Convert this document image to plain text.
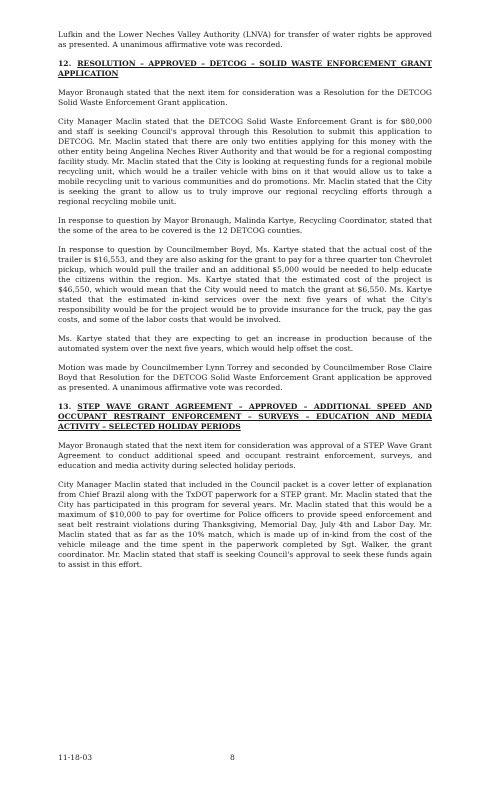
Lufkin and the Lower Neches Valley Authority (LNVA) for transfer of water rights be approved as presented. A unanimous affirmative vote was recorded.

12. RESOLUTION – APPROVED – DETCOG – SOLID WASTE ENFORCEMENT GRANT APPLICATION

Mayor Bronaugh stated that the next item for consideration was a Resolution for the DETCOG Solid Waste Enforcement Grant application.

City Manager Maclin stated that the DETCOG Solid Waste Enforcement Grant is for $80,000 and staff is seeking Council's approval through this Resolution to submit this application to DETCOG. Mr. Maclin stated that there are only two entities applying for this money with the other entity being Angelina Neches River Authority and that would be for a regional composting facility study. Mr. Maclin stated that the City is looking at requesting funds for a regional mobile recycling unit, which would be a trailer vehicle with bins on it that would allow us to take a mobile recycling unit to various communities and do promotions. Mr. Maclin stated that the City is seeking the grant to allow us to truly improve our regional recycling efforts through a regional recycling mobile unit.

In response to question by Mayor Bronaugh, Malinda Kartye, Recycling Coordinator, stated that the some of the area to be covered is the 12 DETCOG counties.

In response to question by Councilmember Boyd, Ms. Kartye stated that the actual cost of the trailer is $16,553, and they are also asking for the grant to pay for a three quarter ton Chevrolet pickup, which would pull the trailer and an additional $5,000 would be needed to help educate the citizens within the region. Ms. Kartye stated that the estimated cost of the project is $46,550, which would mean that the City would need to match the grant at $6,550. Ms. Kartye stated that the estimated in-kind services over the next five years of what the City's responsibility would be for the project would be to provide insurance for the truck, pay the gas costs, and some of the labor costs that would be involved.

Ms. Kartye stated that they are expecting to get an increase in production because of the automated system over the next five years, which would help offset the cost.

Motion was made by Councilmember Lynn Torrey and seconded by Councilmember Rose Claire Boyd that Resolution for the DETCOG Solid Waste Enforcement Grant application be approved as presented. A unanimous affirmative vote was recorded.

13. STEP WAVE GRANT AGREEMENT – APPROVED – ADDITIONAL SPEED AND OCCUPANT RESTRAINT ENFORCEMENT – SURVEYS – EDUCATION AND MEDIA ACTIVITY – SELECTED HOLIDAY PERIODS

Mayor Bronaugh stated that the next item for consideration was approval of a STEP Wave Grant Agreement to conduct additional speed and occupant restraint enforcement, surveys, and education and media activity during selected holiday periods.

City Manager Maclin stated that included in the Council packet is a cover letter of explanation from Chief Brazil along with the TxDOT paperwork for a STEP grant. Mr. Maclin stated that the City has participated in this program for several years. Mr. Maclin stated that this would be a maximum of $10,000 to pay for overtime for Police officers to provide speed enforcement and seat belt restraint violations during Thanksgiving, Memorial Day, July 4th and Labor Day. Mr. Maclin stated that as far as the 10% match, which is made up of in-kind from the cost of the vehicle mileage and the time spent in the paperwork completed by Sgt. Walker, the grant coordinator. Mr. Maclin stated that staff is seeking Council's approval to seek these funds again to assist in this effort.

11-18-03	8
